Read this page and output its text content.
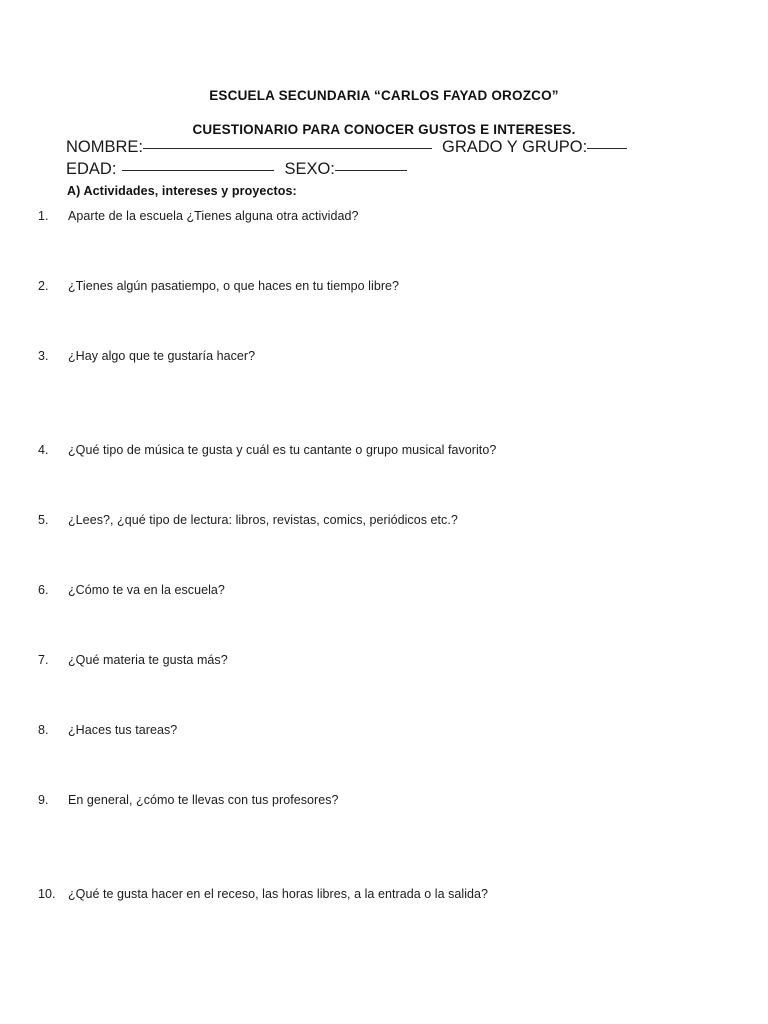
ESCUELA SECUNDARIA “CARLOS FAYAD OROZCO”
CUESTIONARIO PARA CONOCER GUSTOS E INTERESES.
NOMBRE:	GRADO Y GRUPO:
EDAD:	SEXO:
A) Actividades, intereses y proyectos:
1.	Aparte de la escuela ¿Tienes alguna otra actividad?
2.	¿Tienes algún pasatiempo, o que haces en tu tiempo libre?
3.	¿Hay algo que te gustaría hacer?
4.	¿Qué tipo de música te gusta y cuál es tu cantante o grupo musical favorito?
5.	¿Lees?, ¿qué tipo de lectura: libros, revistas, comics, periódicos etc.?
6.	¿Cómo te va en la escuela?
7.	¿Qué materia te gusta más?
8.	¿Haces tus tareas?
9.	En general, ¿cómo te llevas con tus profesores?
10. ¿Qué te gusta hacer en el receso, las horas libres, a la entrada o la salida?
